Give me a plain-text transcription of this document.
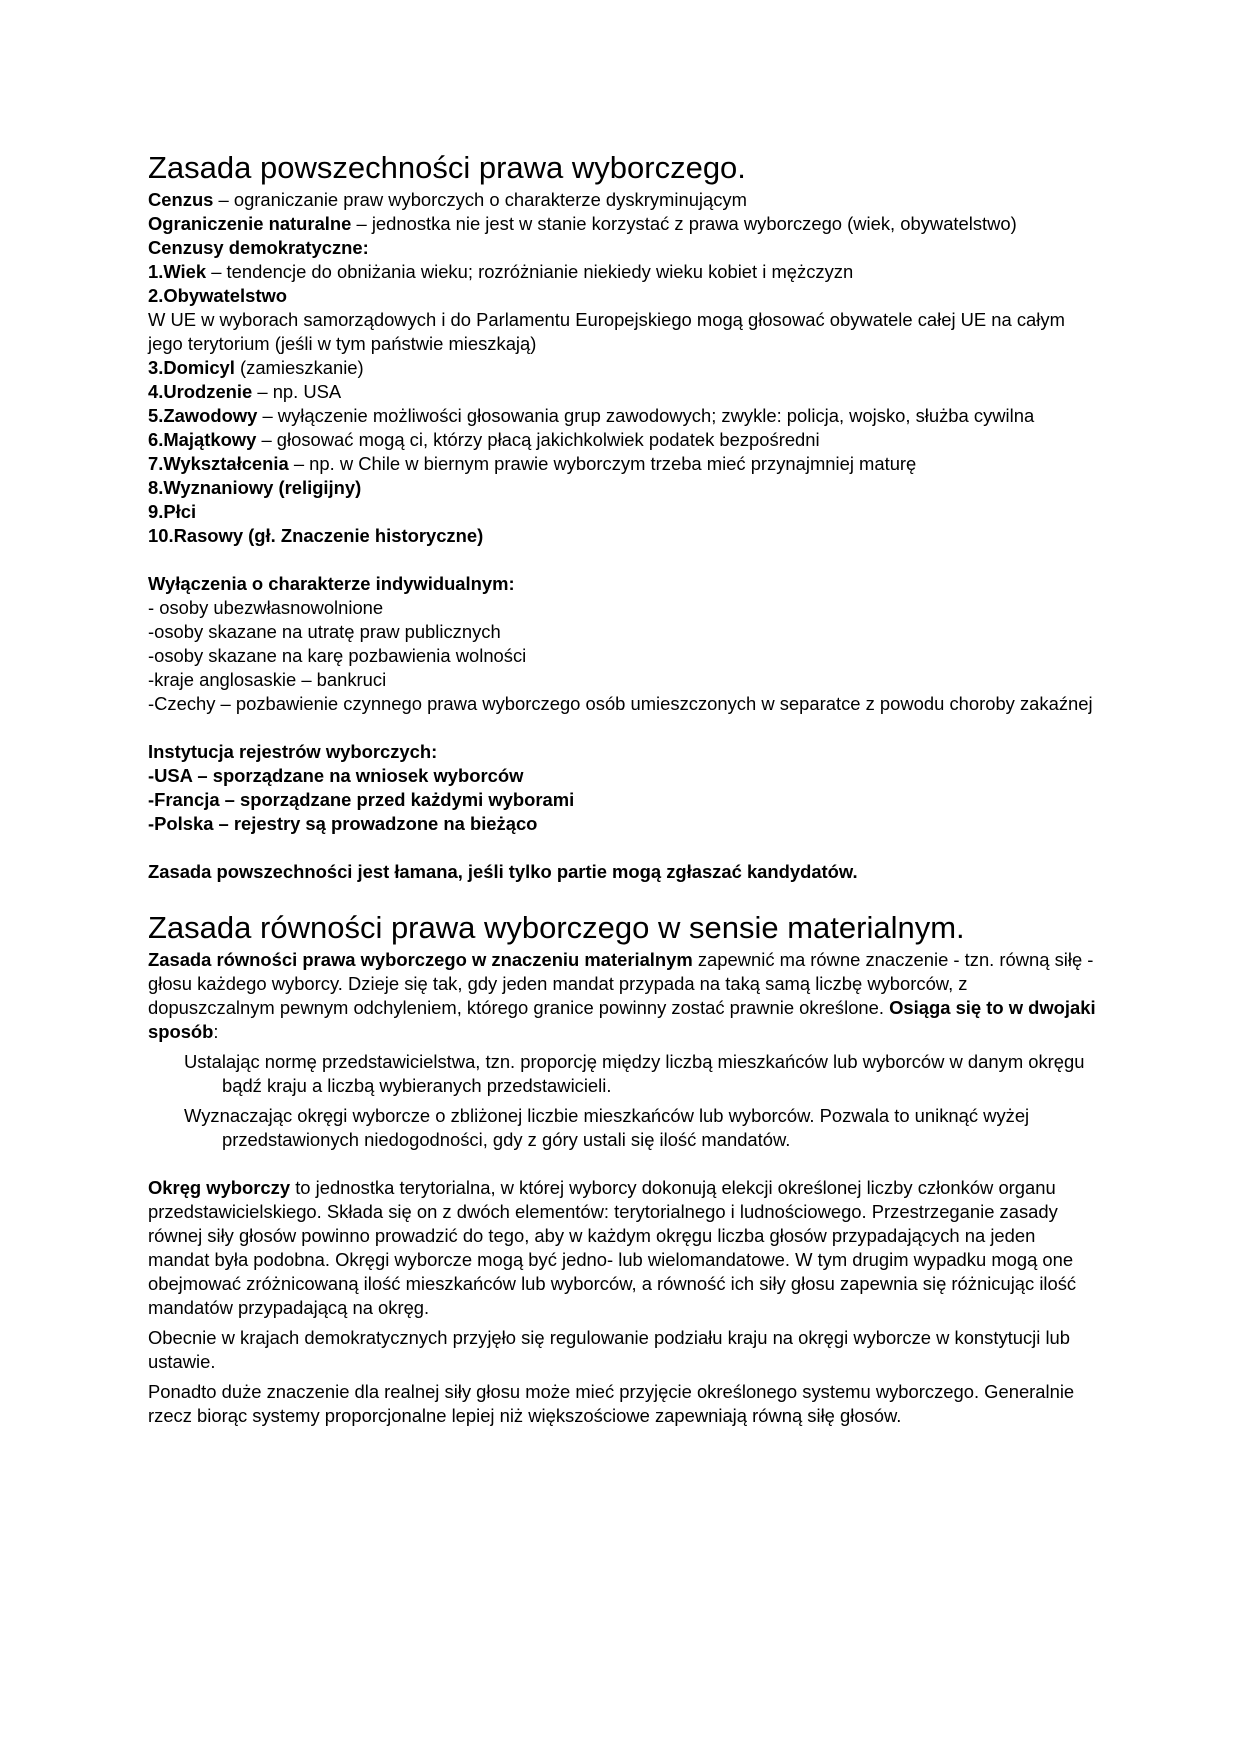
Zasada powszechności prawa wyborczego.

Cenzus – ograniczanie praw wyborczych o charakterze dyskryminującym

Ograniczenie naturalne – jednostka nie jest w stanie korzystać z prawa wyborczego (wiek, obywatelstwo)

Cenzusy demokratyczne:

1.Wiek – tendencje do obniżania wieku; rozróżnianie niekiedy wieku kobiet i mężczyzn

2.Obywatelstwo

W UE w wyborach samorządowych i do Parlamentu Europejskiego mogą głosować obywatele całej UE na całym jego terytorium (jeśli w tym państwie mieszkają)

3.Domicyl (zamieszkanie)

4.Urodzenie – np. USA

5.Zawodowy – wyłączenie możliwości głosowania grup zawodowych; zwykle: policja, wojsko, służba cywilna

6.Majątkowy – głosować mogą ci, którzy płacą jakichkolwiek podatek bezpośredni

7.Wykształcenia – np. w Chile w biernym prawie wyborczym trzeba mieć przynajmniej maturę

8.Wyznaniowy (religijny)

9.Płci

10.Rasowy (gł. Znaczenie historyczne)

Wyłączenia o charakterze indywidualnym:

- osoby ubezwłasnowolnione

-osoby skazane na utratę praw publicznych

-osoby skazane na karę pozbawienia wolności

-kraje anglosaskie – bankruci

-Czechy – pozbawienie czynnego prawa wyborczego osób umieszczonych w separatce z powodu choroby zakaźnej

Instytucja rejestrów wyborczych:

-USA – sporządzane na wniosek wyborców

-Francja – sporządzane przed każdymi wyborami

-Polska – rejestry są prowadzone na bieżąco

Zasada powszechności jest łamana, jeśli tylko partie mogą zgłaszać kandydatów.

Zasada równości prawa wyborczego w sensie materialnym.

Zasada równości prawa wyborczego w znaczeniu materialnym zapewnić ma równe znaczenie - tzn. równą siłę - głosu każdego wyborcy. Dzieje się tak, gdy jeden mandat przypada na taką samą liczbę wyborców, z dopuszczalnym pewnym odchyleniem, którego granice powinny zostać prawnie określone. Osiąga się to w dwojaki sposób:

Ustalając normę przedstawicielstwa, tzn. proporcję między liczbą mieszkańców lub wyborców w danym okręgu bądź kraju a liczbą wybieranych przedstawicieli.

Wyznaczając okręgi wyborcze o zbliżonej liczbie mieszkańców lub wyborców. Pozwala to uniknąć wyżej przedstawionych niedogodności, gdy z góry ustali się ilość mandatów.

Okręg wyborczy to jednostka terytorialna, w której wyborcy dokonują elekcji określonej liczby członków organu przedstawicielskiego. Składa się on z dwóch elementów: terytorialnego i ludnościowego. Przestrzeganie zasady równej siły głosów powinno prowadzić do tego, aby w każdym okręgu liczba głosów przypadających na jeden mandat była podobna. Okręgi wyborcze mogą być jedno- lub wielomandatowe. W tym drugim wypadku mogą one obejmować zróżnicowaną ilość mieszkańców lub wyborców, a równość ich siły głosu zapewnia się różnicując ilość mandatów przypadającą na okręg.

Obecnie w krajach demokratycznych przyjęło się regulowanie podziału kraju na okręgi wyborcze w konstytucji lub ustawie.

Ponadto duże znaczenie dla realnej siły głosu może mieć przyjęcie określonego systemu wyborczego. Generalnie rzecz biorąc systemy proporcjonalne lepiej niż większościowe zapewniają równą siłę głosów.
